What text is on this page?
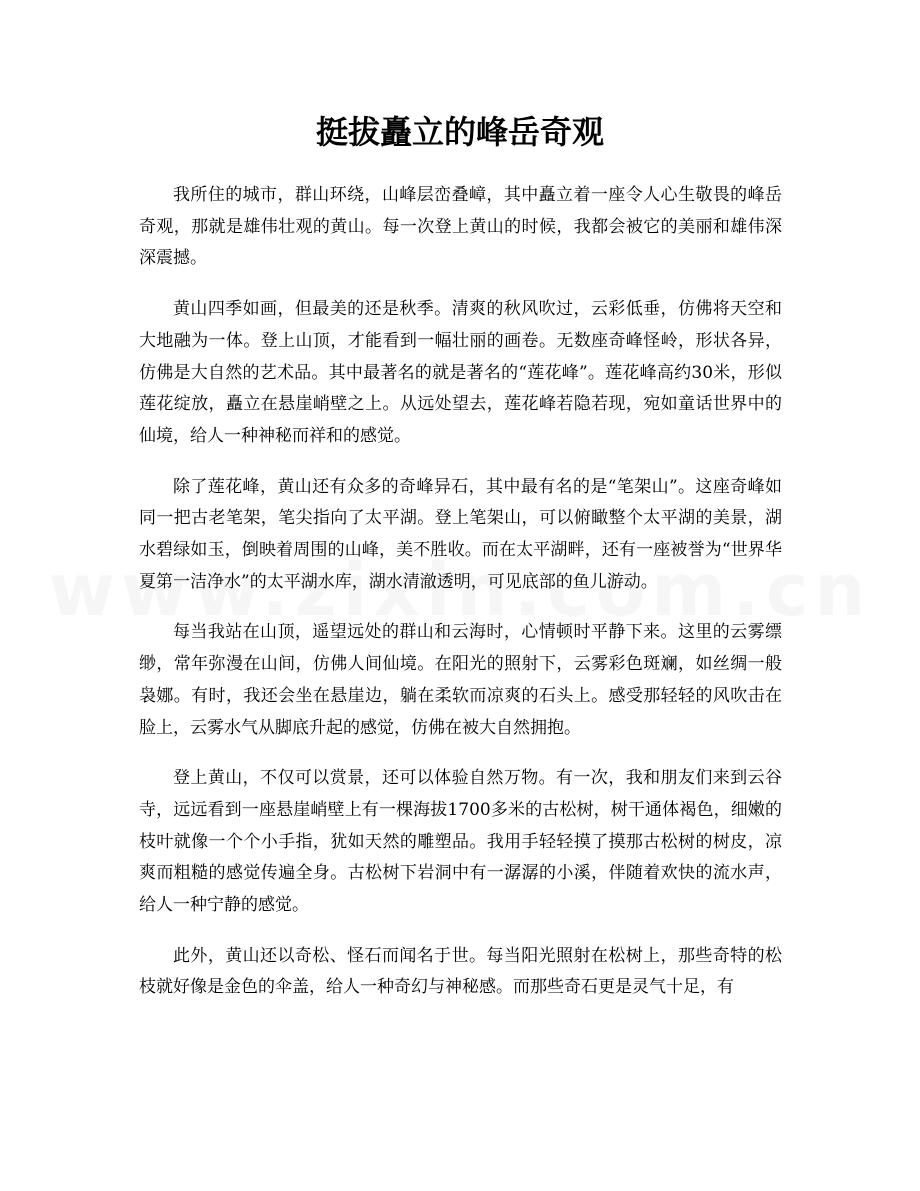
挺拔矗立的峰岳奇观

我所住的城市，群山环绕，山峰层峦叠嶂，其中矗立着一座令人心生敬畏的峰岳奇观，那就是雄伟壮观的黄山。每一次登上黄山的时候，我都会被它的美丽和雄伟深深震撼。

黄山四季如画，但最美的还是秋季。清爽的秋风吹过，云彩低垂，仿佛将天空和大地融为一体。登上山顶，才能看到一幅壮丽的画卷。无数座奇峰怪岭，形状各异，仿佛是大自然的艺术品。其中最著名的就是著名的“莲花峰”。莲花峰高约30米，形似莲花绽放，矗立在悬崖峭壁之上。从远处望去，莲花峰若隐若现，宛如童话世界中的仙境，给人一种神秘而祥和的感觉。

除了莲花峰，黄山还有众多的奇峰异石，其中最有名的是“笔架山”。这座奇峰如同一把古老笔架，笔尖指向了太平湖。登上笔架山，可以俯瞰整个太平湖的美景，湖水碧绿如玉，倒映着周围的山峰，美不胜收。而在太平湖畔，还有一座被誉为“世界华夏第一洁净水”的太平湖水库，湖水清澈透明，可见底部的鱼儿游动。

每当我站在山顶，遥望远处的群山和云海时，心情顿时平静下来。这里的云雾缥缈，常年弥漫在山间，仿佛人间仙境。在阳光的照射下，云雾彩色斑斓，如丝绸一般袅娜。有时，我还会坐在悬崖边，躺在柔软而凉爽的石头上。感受那轻轻的风吹击在脸上，云雾水气从脚底升起的感觉，仿佛在被大自然拥抱。

登上黄山，不仅可以赏景，还可以体验自然万物。有一次，我和朋友们来到云谷寺，远远看到一座悬崖峭壁上有一棵海拔1700多米的古松树，树干通体褐色，细嫩的枝叶就像一个个小手指，犹如天然的雕塑品。我用手轻轻摸了摸那古松树的树皮，凉爽而粗糙的感觉传遍全身。古松树下岩洞中有一潺潺的小溪，伴随着欢快的流水声，给人一种宁静的感觉。

此外，黄山还以奇松、怪石而闻名于世。每当阳光照射在松树上，那些奇特的松枝就好像是金色的伞盖，给人一种奇幻与神秘感。而那些奇石更是灵气十足，有
